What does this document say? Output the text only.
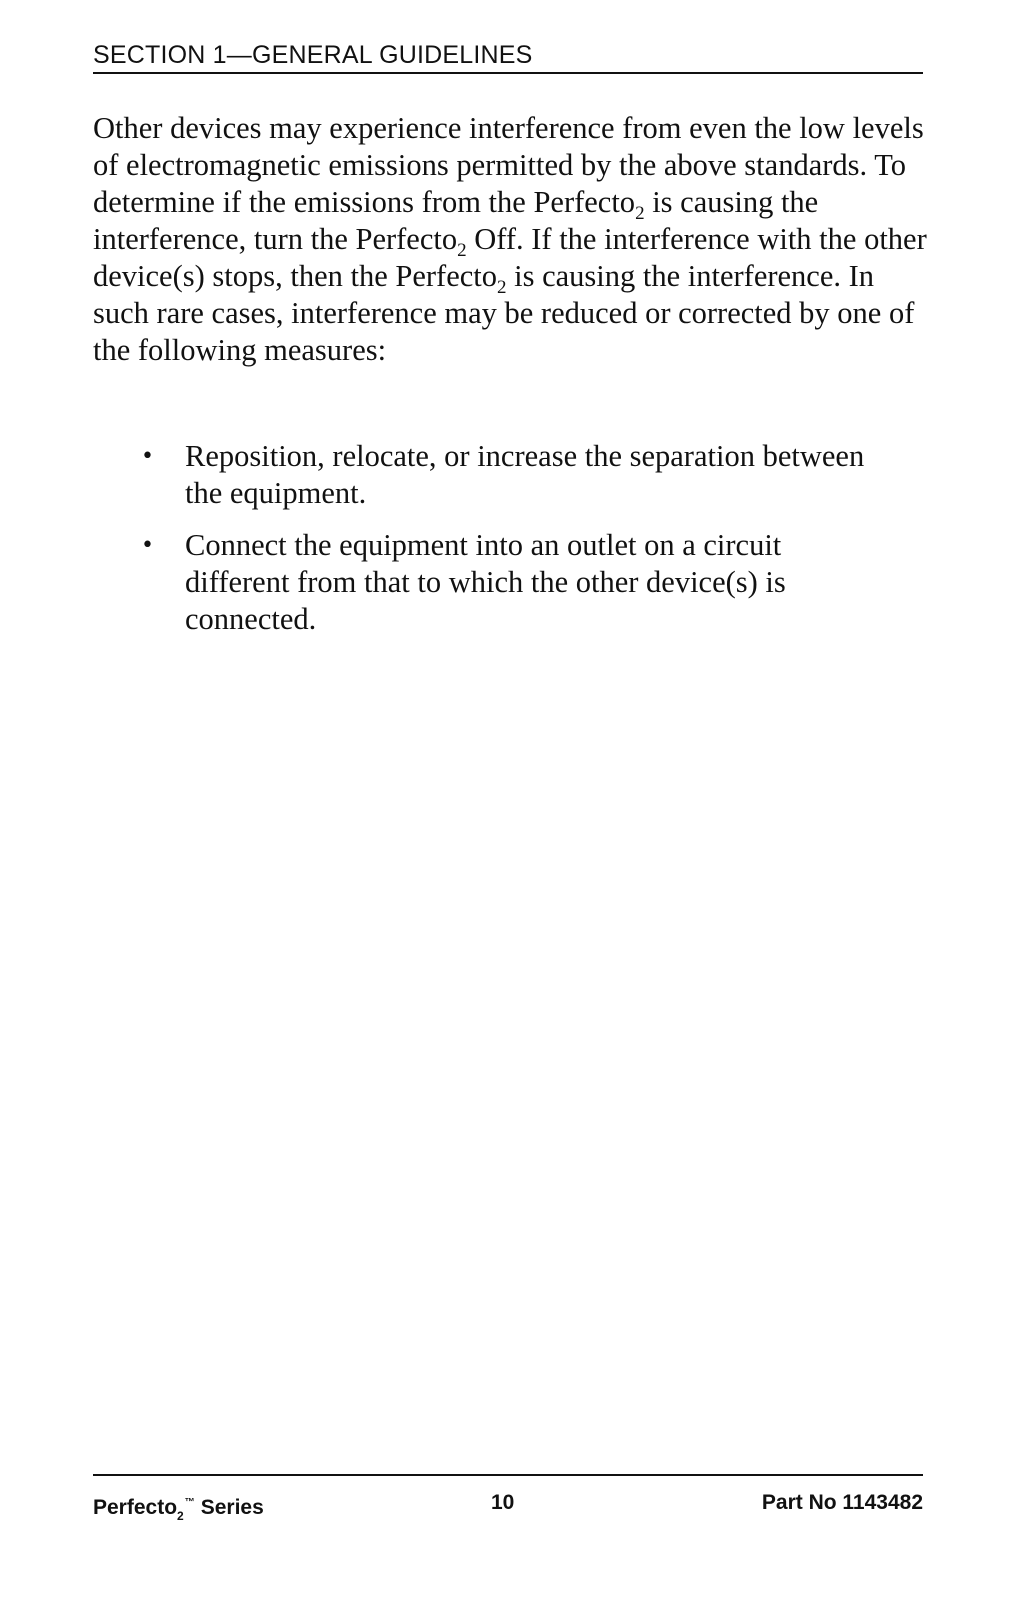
SECTION 1—GENERAL GUIDELINES

Other devices may experience interference from even the low levels of electromagnetic emissions permitted by the above standards. To determine if the emissions from the Perfecto$_2$ is causing the interference, turn the Perfecto$_2$ Off. If the interference with the other device(s) stops, then the Perfecto$_2$ is causing the interference. In such rare cases, interference may be reduced or corrected by one of the following measures:

• Reposition, relocate, or increase the separation between the equipment.
• Connect the equipment into an outlet on a circuit different from that to which the other device(s) is connected.
Perfecto$_2$™ Series	10	Part No 1143482
